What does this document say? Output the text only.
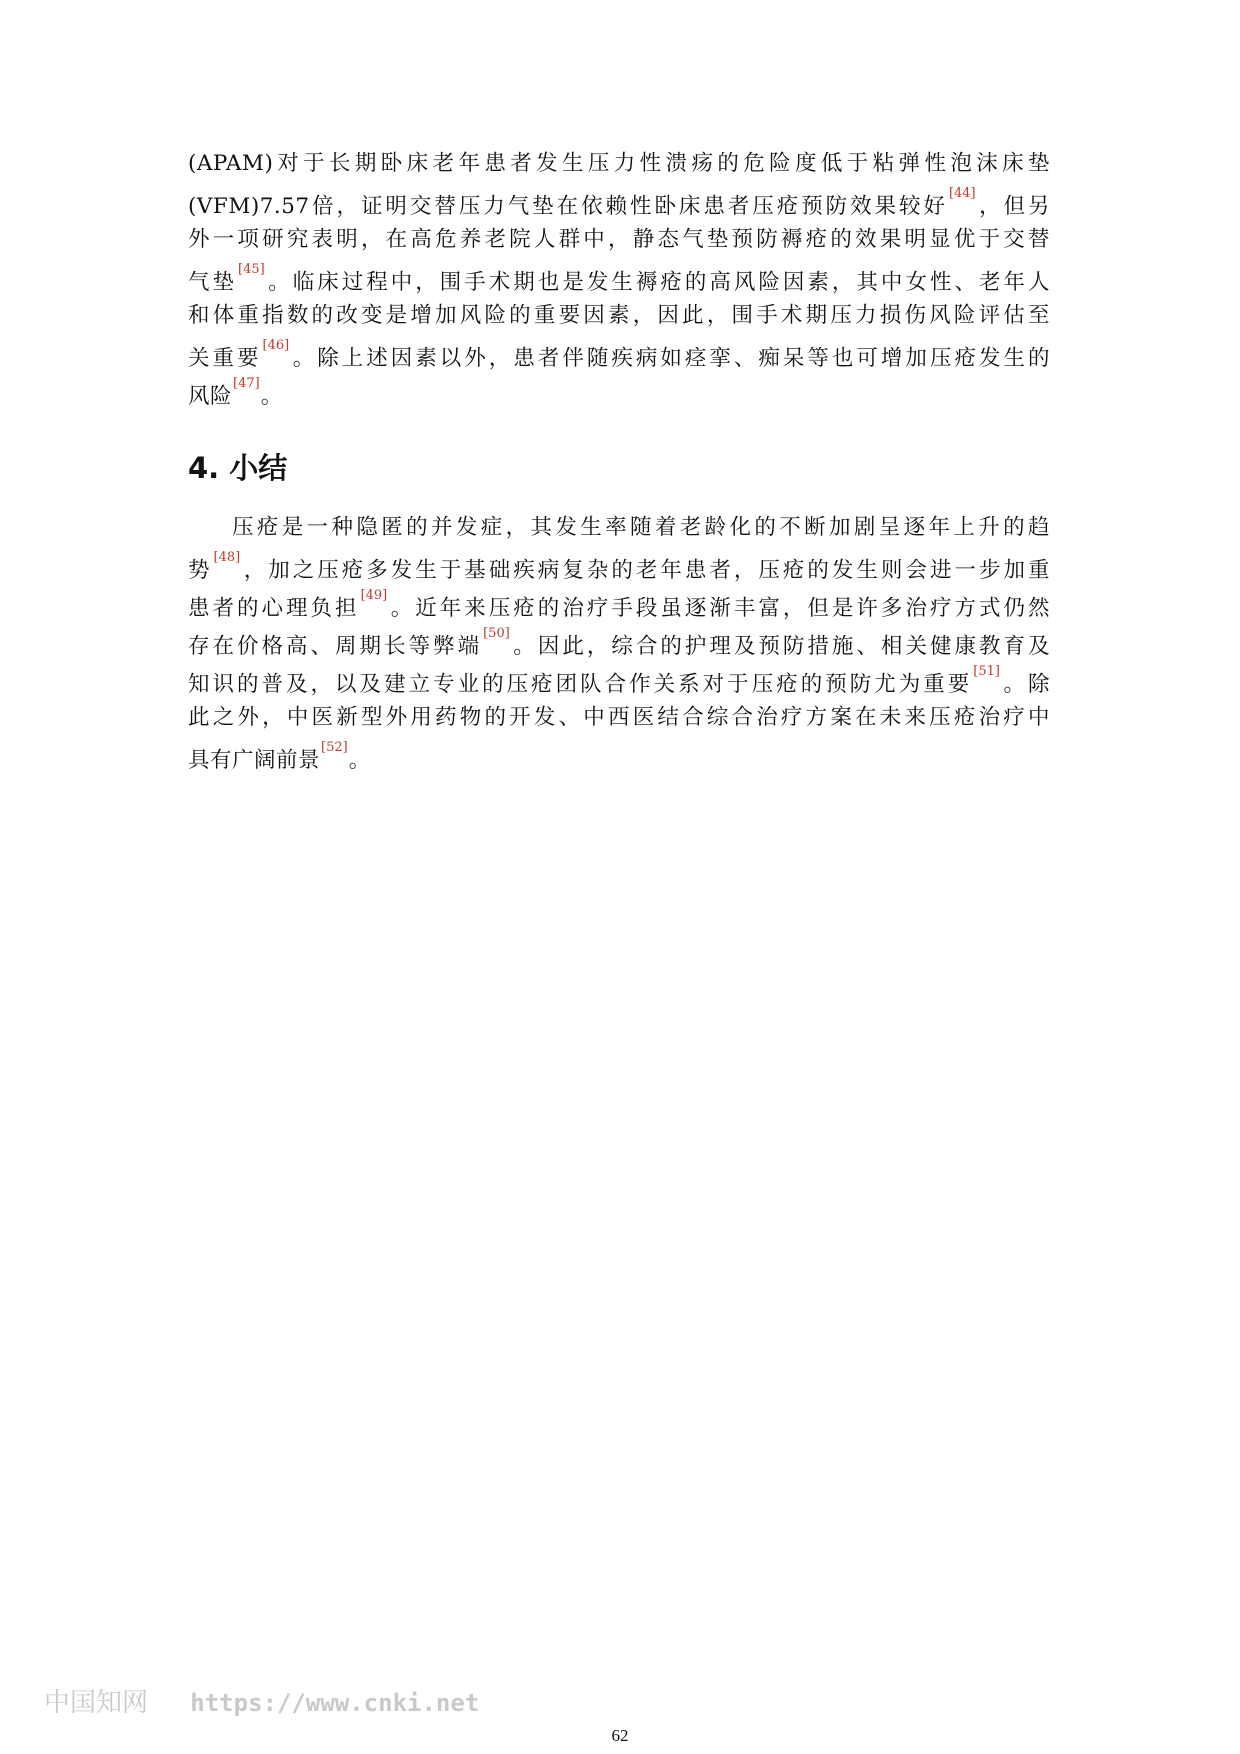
(APAM)对于长期卧床老年患者发生压力性溃疡的危险度低于粘弹性泡沫床垫
(VFM)7.57倍，证明交替压力气垫在依赖性卧床患者压疮预防效果较好[44]，但另
外一项研究表明，在高危养老院人群中，静态气垫预防褥疮的效果明显优于交替
气垫[45]。临床过程中，围手术期也是发生褥疮的高风险因素，其中女性、老年人
和体重指数的改变是增加风险的重要因素，因此，围手术期压力损伤风险评估至
关重要[46]。除上述因素以外，患者伴随疾病如痉挛、痴呆等也可增加压疮发生的
风险[47]。
4. 小结
压疮是一种隐匿的并发症，其发生率随着老龄化的不断加剧呈逐年上升的趋
势[48]，加之压疮多发生于基础疾病复杂的老年患者，压疮的发生则会进一步加重
患者的心理负担[49]。近年来压疮的治疗手段虽逐渐丰富，但是许多治疗方式仍然
存在价格高、周期长等弊端[50]。因此，综合的护理及预防措施、相关健康教育及
知识的普及，以及建立专业的压疮团队合作关系对于压疮的预防尤为重要[51]。除
此之外，中医新型外用药物的开发、中西医结合综合治疗方案在未来压疮治疗中
具有广阔前景[52]。
中国知网 https://www.cnki.net
62
